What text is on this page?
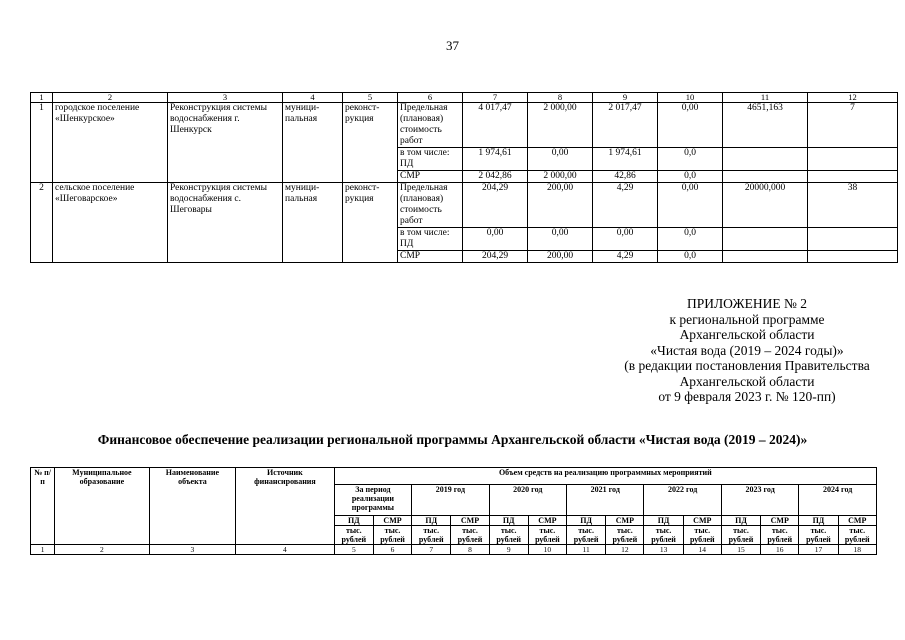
37
1	2	3	4	5	6	7	8	9	10	11	12
1	городское поселение «Шенкурское»	Реконструкция системы водоснабжения г. Шенкурск	муници-пальная	реконст-рукция	Предельная (плановая) стоимость работ	4 017,47	2 000,00	2 017,47	0,00	4651,163	7
					в том числе: ПД	1 974,61	0,00	1 974,61	0,0		
					СМР	2 042,86	2 000,00	42,86	0,0		
2	сельское поселение «Шеговарское»	Реконструкция системы водоснабжения с. Шеговары	муници-пальная	реконст-рукция	Предельная (плановая) стоимость работ	204,29	200,00	4,29	0,00	20000,000	38
					в том числе: ПД	0,00	0,00	0,00	0,0		
					СМР	204,29	200,00	4,29	0,0		
ПРИЛОЖЕНИЕ № 2
к региональной программе
Архангельской области
«Чистая вода (2019 – 2024 годы)»
(в редакции постановления Правительства
Архангельской области
от 9 февраля 2023 г. № 120-пп)
Финансовое обеспечение реализации региональной программы Архангельской области «Чистая вода (2019 – 2024)»
№ п/п	Муниципальное образование	Наименование объекта	Источник финансирования	Объем средств на реализацию программных мероприятий													
				За период реализации программы		2019 год		2020 год		2021 год		2022 год		2023 год		2024 год	
				ПД	СМР	ПД	СМР	ПД	СМР	ПД	СМР	ПД	СМР	ПД	СМР	ПД	СМР
				тыс. рублей	тыс. рублей	тыс. рублей	тыс. рублей	тыс. рублей	тыс. рублей	тыс. рублей	тыс. рублей	тыс. рублей	тыс. рублей	тыс. рублей	тыс. рублей	тыс. рублей	тыс. рублей
1	2	3	4	5	6	7	8	9	10	11	12	13	14	15	16	17	18
